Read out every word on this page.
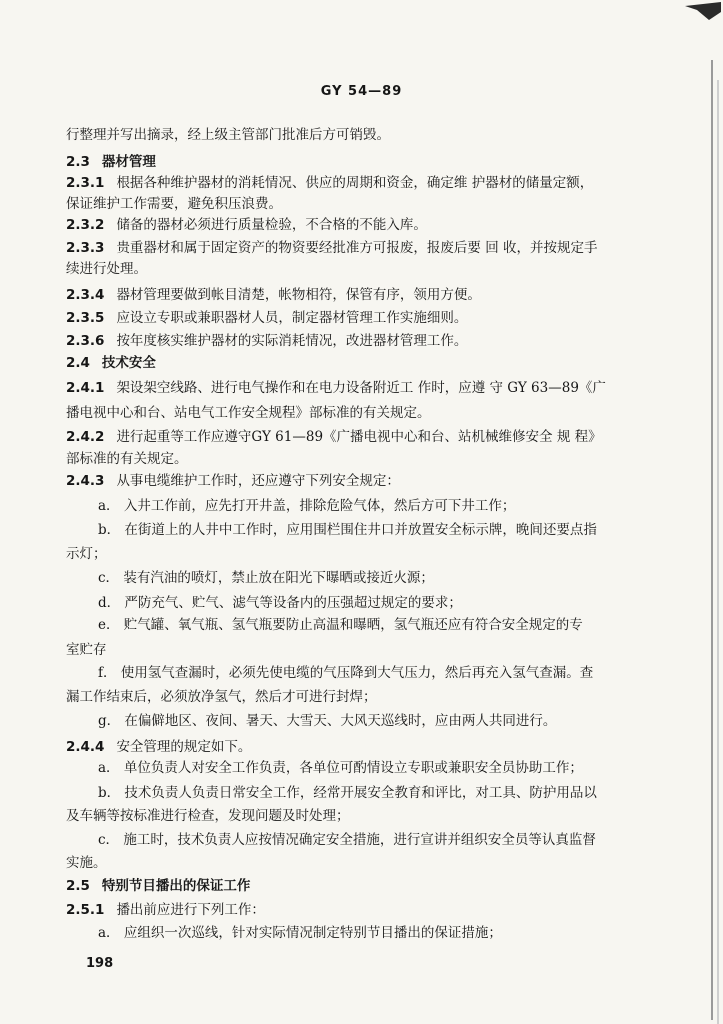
GY 54—89
行整理并写出摘录，经上级主管部门批准后方可销毁。
2.3 器材管理
2.3.1 根据各种维护器材的消耗情况、供应的周期和资金，确定维 护器材的储量定额，
保证维护工作需要，避免积压浪费。
2.3.2 储备的器材必须进行质量检验，不合格的不能入库。
2.3.3 贵重器材和属于固定资产的物资要经批准方可报废，报废后要 回 收，并按规定手
续进行处理。
2.3.4 器材管理要做到帐目清楚，帐物相符，保管有序，领用方便。
2.3.5 应设立专职或兼职器材人员，制定器材管理工作实施细则。
2.3.6 按年度核实维护器材的实际消耗情况，改进器材管理工作。
2.4 技术安全
2.4.1 架设架空线路、进行电气操作和在电力设备附近工 作时，应遵 守 GY 63—89《广
播电视中心和台、站电气工作安全规程》部标准的有关规定。
2.4.2 进行起重等工作应遵守GY 61—89《广播电视中心和台、站机械维修安全 规 程》
部标准的有关规定。
2.4.3 从事电缆维护工作时，还应遵守下列安全规定：
a． 入井工作前，应先打开井盖，排除危险气体，然后方可下井工作；
b． 在街道上的人井中工作时，应用围栏围住井口并放置安全标示牌，晚间还要点指
示灯；
c． 装有汽油的喷灯，禁止放在阳光下曝晒或接近火源；
d． 严防充气、贮气、滤气等设备内的压强超过规定的要求；
e． 贮气罐、氧气瓶、氢气瓶要防止高温和曝晒，氢气瓶还应有符合安全规定的专
室贮存
f． 使用氢气查漏时，必须先使电缆的气压降到大气压力，然后再充入氢气查漏。查
漏工作结束后，必须放净氢气，然后才可进行封焊；
g． 在偏僻地区、夜间、暑天、大雪天、大风天巡线时，应由两人共同进行。
2.4.4 安全管理的规定如下。
a． 单位负责人对安全工作负责，各单位可酌情设立专职或兼职安全员协助工作；
b． 技术负责人负责日常安全工作，经常开展安全教育和评比，对工具、防护用品以
及车辆等按标准进行检查，发现问题及时处理；
c． 施工时，技术负责人应按情况确定安全措施，进行宣讲并组织安全员等认真监督
实施。
2.5 特别节目播出的保证工作
2.5.1 播出前应进行下列工作：
a． 应组织一次巡线，针对实际情况制定特别节目播出的保证措施；
198
